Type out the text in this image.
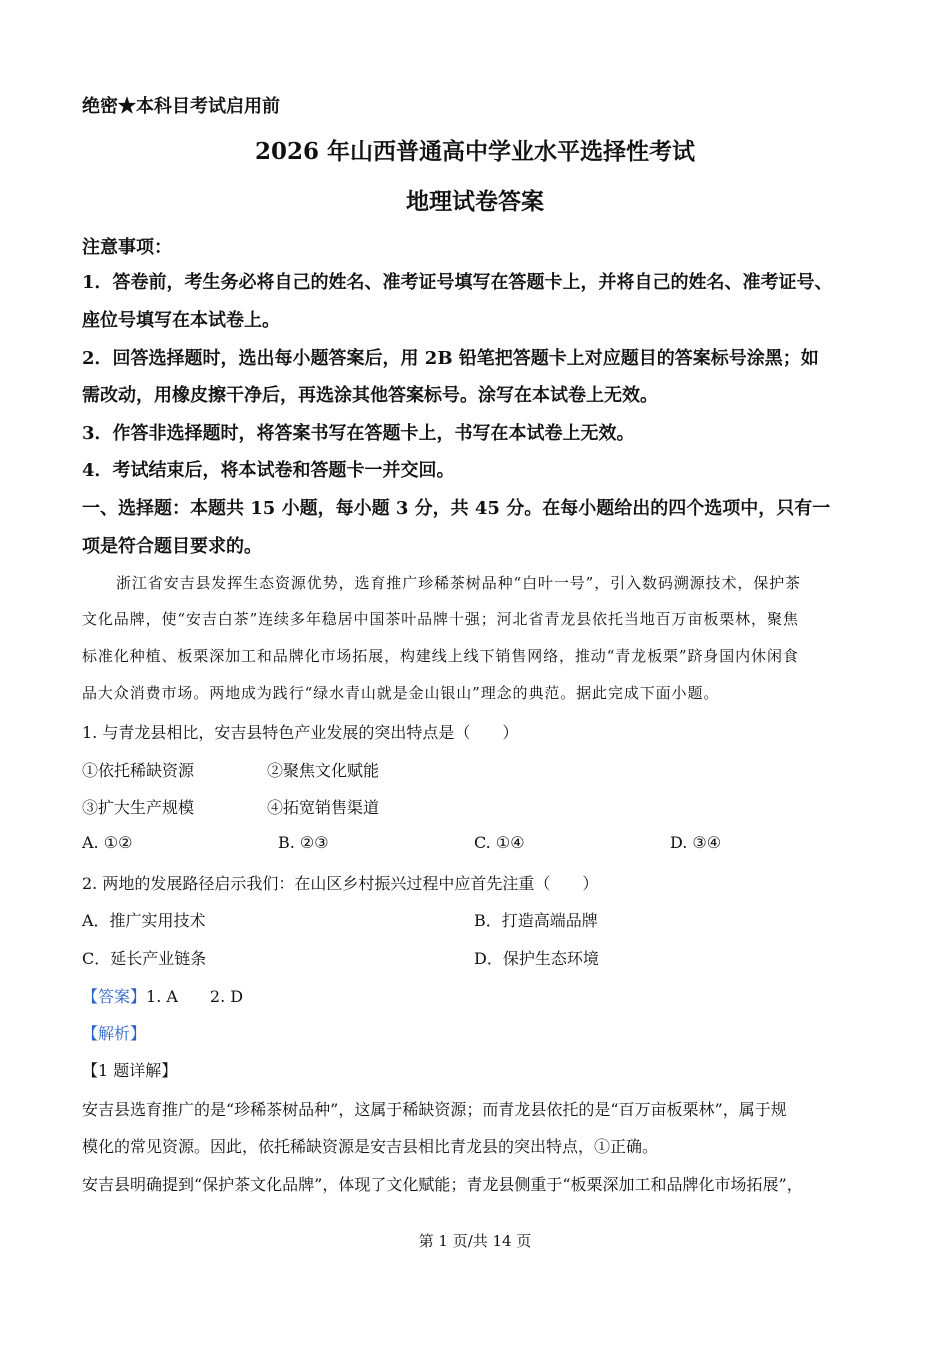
绝密★本科目考试启用前
2026 年山西普通高中学业水平选择性考试
地理试卷答案
注意事项：
1．答卷前，考生务必将自己的姓名、准考证号填写在答题卡上，并将自己的姓名、准考证号、
座位号填写在本试卷上。
2．回答选择题时，选出每小题答案后，用 2B 铅笔把答题卡上对应题目的答案标号涂黑；如
需改动，用橡皮擦干净后，再选涂其他答案标号。涂写在本试卷上无效。
3．作答非选择题时，将答案书写在答题卡上，书写在本试卷上无效。
4．考试结束后，将本试卷和答题卡一并交回。
一、选择题：本题共 15 小题，每小题 3 分，共 45 分。在每小题给出的四个选项中，只有一
项是符合题目要求的。
浙江省安吉县发挥生态资源优势，选育推广珍稀茶树品种“白叶一号”，引入数码溯源技术，保护茶
文化品牌，使“安吉白茶”连续多年稳居中国茶叶品牌十强；河北省青龙县依托当地百万亩板栗林，聚焦
标准化种植、板栗深加工和品牌化市场拓展，构建线上线下销售网络，推动“青龙板栗”跻身国内休闲食
品大众消费市场。两地成为践行“绿水青山就是金山银山”理念的典范。据此完成下面小题。
1. 与青龙县相比，安吉县特色产业发展的突出特点是（　　）
①依托稀缺资源	②聚焦文化赋能
③扩大生产规模	④拓宽销售渠道
A. ①②	B. ②③	C. ①④	D. ③④
2. 两地的发展路径启示我们：在山区乡村振兴过程中应首先注重（　　）
A．推广实用技术	B．打造高端品牌
C．延长产业链条	D．保护生态环境
【答案】1. A　　2. D
【解析】
【1 题详解】
安吉县选育推广的是“珍稀茶树品种”，这属于稀缺资源；而青龙县依托的是“百万亩板栗林”，属于规
模化的常见资源。因此，依托稀缺资源是安吉县相比青龙县的突出特点，①正确。
安吉县明确提到“保护茶文化品牌”，体现了文化赋能；青龙县侧重于“板栗深加工和品牌化市场拓展”，
第 1 页/共 14 页
